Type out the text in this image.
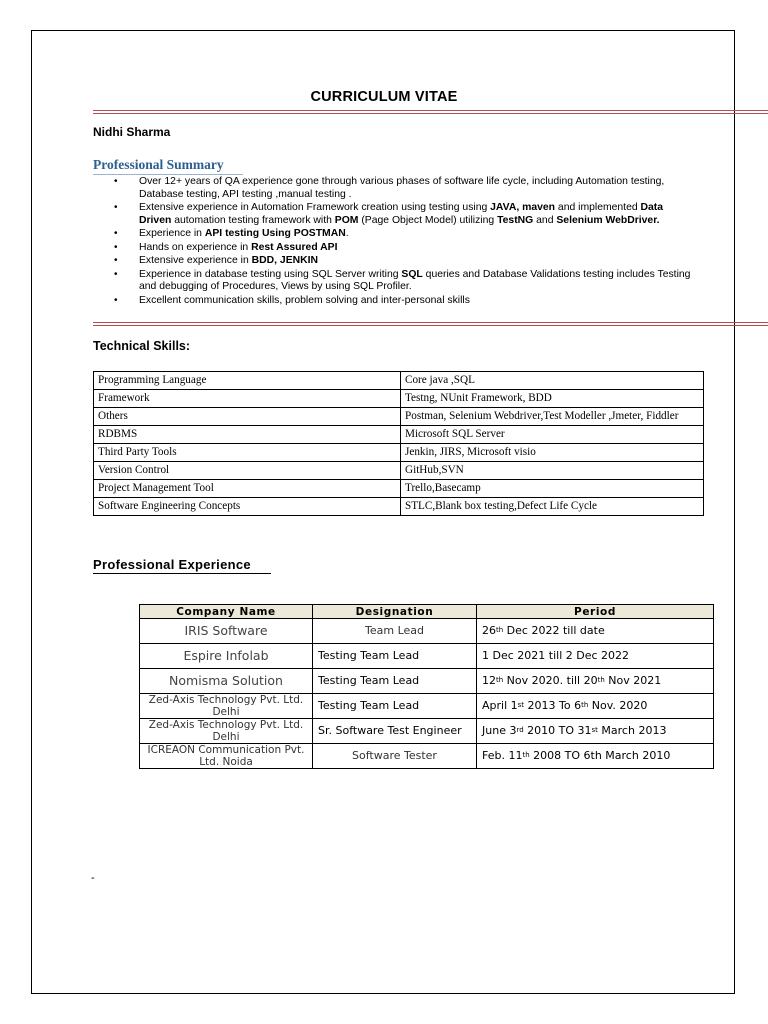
CURRICULUM VITAE
Nidhi Sharma
Professional Summary
• Over 12+ years of QA experience gone through various phases of software life cycle, including Automation testing, Database testing, API testing ,manual testing .
• Extensive experience in Automation Framework creation using testing using JAVA, maven and implemented Data Driven automation testing framework with POM (Page Object Model) utilizing TestNG and Selenium WebDriver.
• Experience in API testing Using POSTMAN.
• Hands on experience in Rest Assured API
• Extensive experience in BDD, JENKIN
• Experience in database testing using SQL Server writing SQL queries and Database Validations testing includes Testing and debugging of Procedures, Views by using SQL Profiler.
• Excellent communication skills, problem solving and inter-personal skills
Technical Skills:
Programming Language	Core java ,SQL
Framework	Testng, NUnit Framework, BDD
Others	Postman, Selenium Webdriver,Test Modeller ,Jmeter, Fiddler
RDBMS	Microsoft SQL Server
Third Party Tools	Jenkin, JIRS, Microsoft visio
Version Control	GitHub,SVN
Project Management Tool	Trello,Basecamp
Software Engineering Concepts	STLC,Blank box testing,Defect Life Cycle
Professional Experience
Company Name	Designation	Period
IRIS Software	Team Lead	26th Dec 2022 till date
Espire Infolab	Testing Team Lead	1 Dec 2021 till 2 Dec 2022
Nomisma Solution	Testing Team Lead	12th Nov 2020. till 20th Nov 2021
Zed-Axis Technology Pvt. Ltd. Delhi	Testing Team Lead	April 1st 2013 To 6th Nov. 2020
Zed-Axis Technology Pvt. Ltd. Delhi	Sr. Software Test Engineer	June 3rd 2010 TO 31st March 2013
ICREAON Communication Pvt. Ltd. Noida	Software Tester	Feb. 11th 2008 TO 6th March 2010
-
